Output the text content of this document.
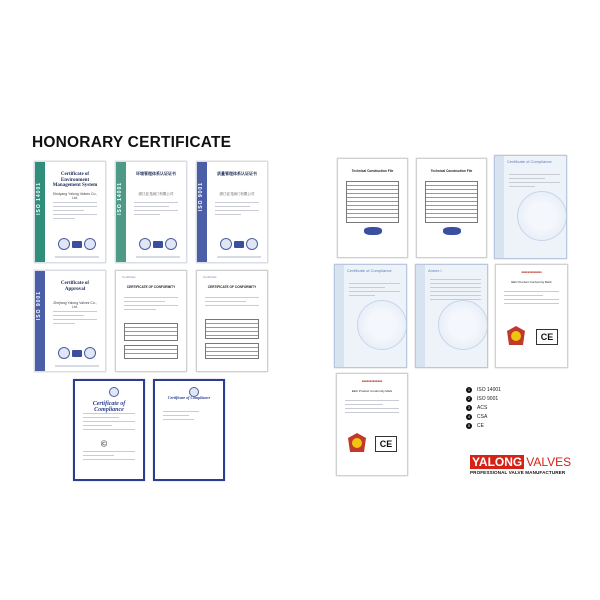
HONORARY CERTIFICATE
ISO 14001
Certificate of Environment Management System
Shuiyang Yalong Valves Co., Ltd.	ISO 14001
环境管理体系认证证书
浙江亚龙阀门有限公司	ISO 9001
质量管理体系认证证书
浙江亚龙阀门有限公司
ISO 9001
Certificate of Approval
Zhejiang Yalong Valves Co., Ltd.
Certificate
CERTIFICATE OF CONFORMITY
Certificate
CERTIFICATE OF CONFORMITY
Certificate of Compliance
Ⓒ
Certificate of Compliance
Technical Construction File	Technical Construction File
Certificate of Compliance
Certificate of Compliance	Annex I	■■■■■■■■■■■■■
EEC Product Conformity Mark
CE
■■■■■■■■■■■■■
EEC Product Conformity Mark
CE
1	ISO 14001
2	ISO 9001
3	ACS
4	CSA
5	CE
YALONG VALVES
PROFESSIONAL VALVE MANUFACTURER
